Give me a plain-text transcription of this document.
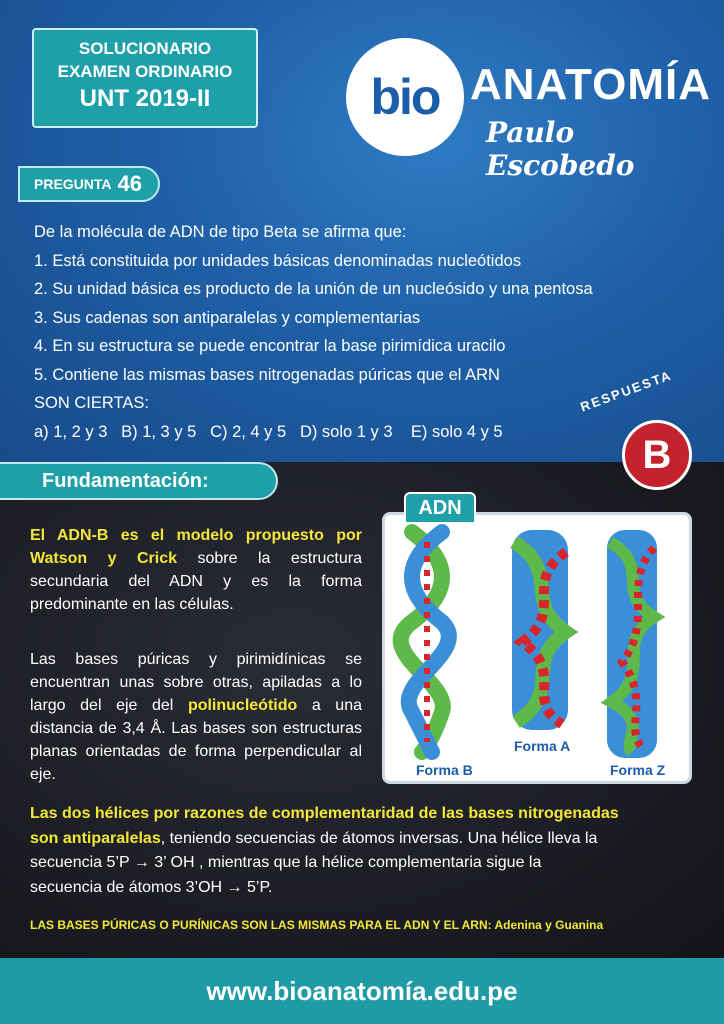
SOLUCIONARIO
EXAMEN ORDINARIO
UNT 2019-II	bio ANATOMÍA
Paulo Escobedo
PREGUNTA 46
De la molécula de ADN de tipo Beta se afirma que:
1. Está constituida por unidades básicas denominadas nucleótidos
2. Su unidad básica es producto de la unión de un nucleósido y una pentosa
3. Sus cadenas son antiparalelas y complementarias
4. En su estructura se puede encontrar la base pirimídica uracilo
5. Contiene las mismas bases nitrogenadas púricas que el ARN
SON CIERTAS:
a) 1, 2 y 3   B) 1, 3 y 5   C) 2, 4 y 5   D) solo 1 y 3    E) solo 4 y 5
RESPUESTA
B
Fundamentación:
El ADN-B es el modelo propuesto por Watson y Crick sobre la estructura secundaria del ADN y es la forma predominante en las células.
Las bases púricas y pirimidínicas se encuentran unas sobre otras, apiladas a lo largo del eje del polinucleótido a una distancia de 3,4 Å. Las bases son estructuras planas orientadas de forma perpendicular al eje.
ADN
Forma B
Forma A
Forma Z
Las dos hélices por razones de complementaridad de las bases nitrogenadas
son antiparalelas, teniendo secuencias de átomos inversas. Una hélice lleva la
secuencia 5’P → 3’ OH , mientras que la hélice complementaria sigue la
secuencia de átomos 3’OH → 5’P.
LAS BASES PÚRICAS O PURÍNICAS SON LAS MISMAS PARA EL ADN Y EL ARN: Adenina y Guanina
www.bioanatomía.edu.pe
